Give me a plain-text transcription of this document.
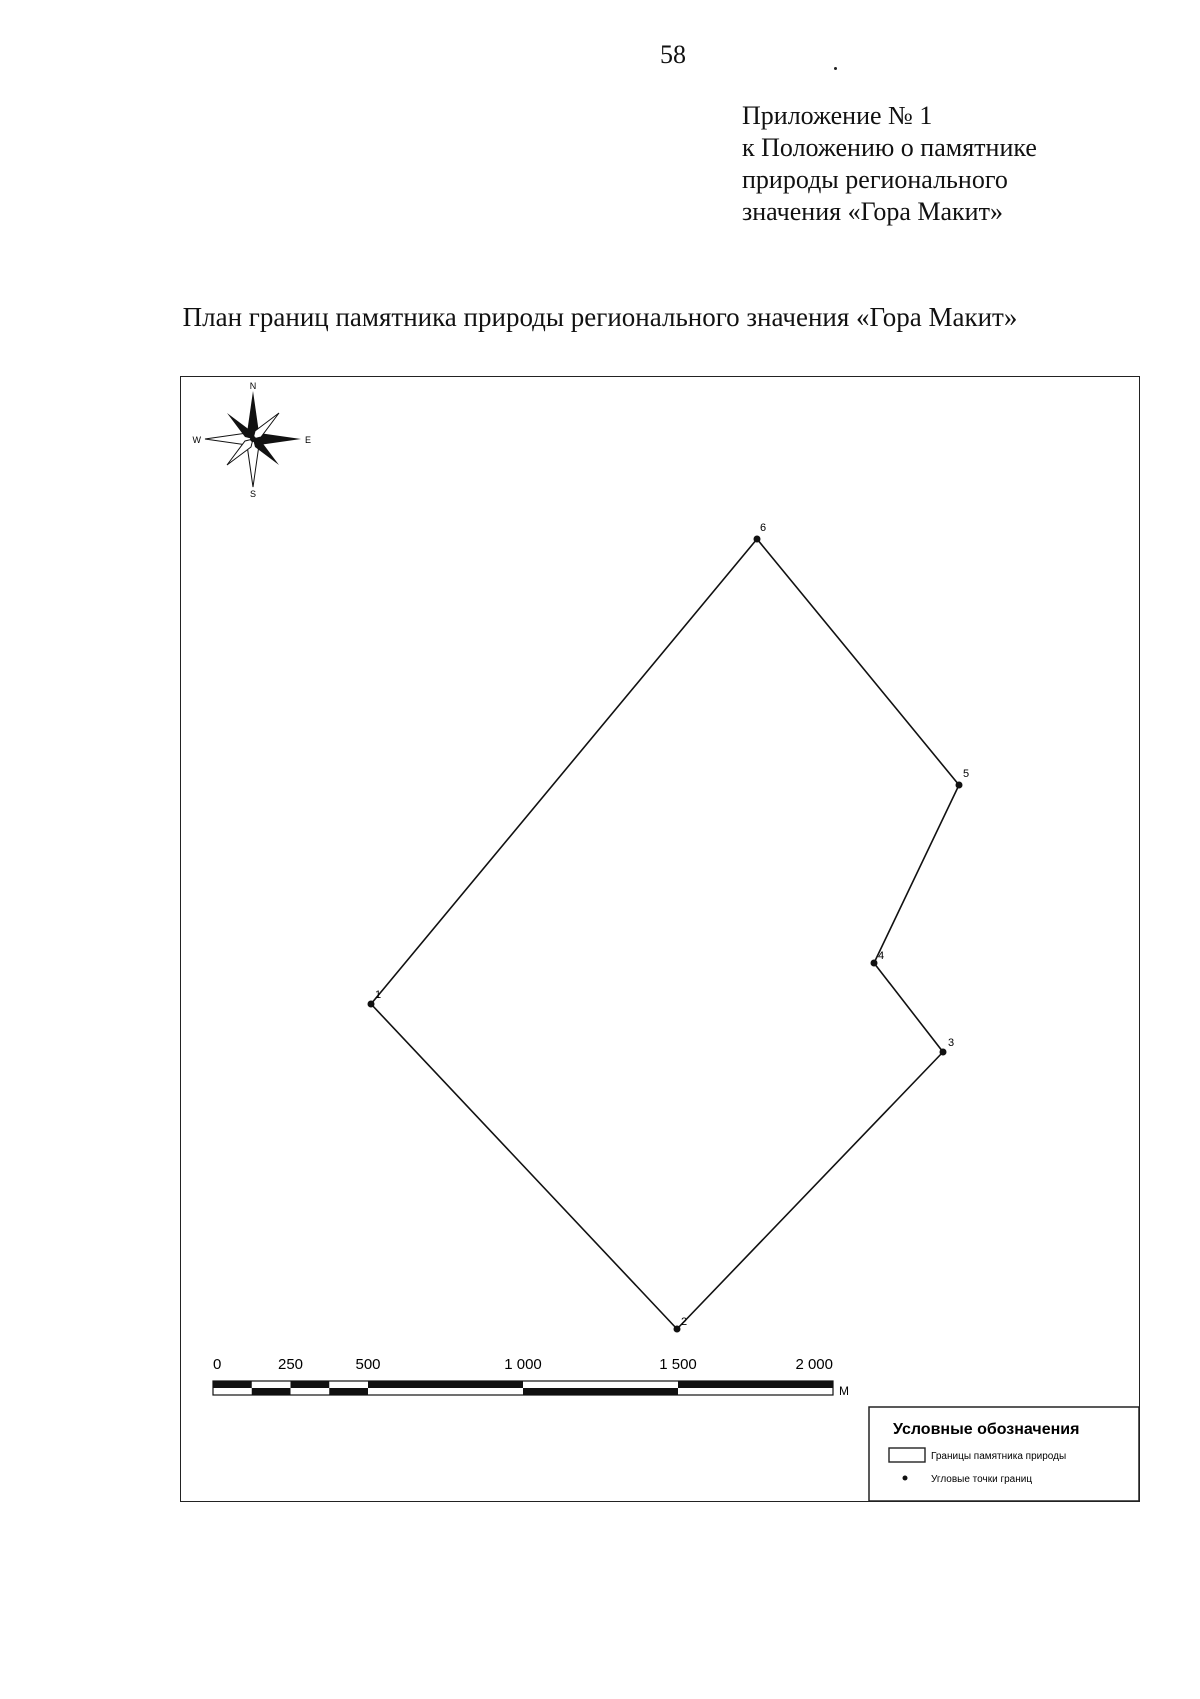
58
Приложение № 1
к Положению о памятнике
природы регионального
значения «Гора Макит»
План границ памятника природы регионального значения «Гора Макит»
N
W	E
S
1
2
3
4
5
6
0	250	500	1 000	1 500	2 000
М
Условные обозначения
Границы памятника природы
Угловые точки границ
